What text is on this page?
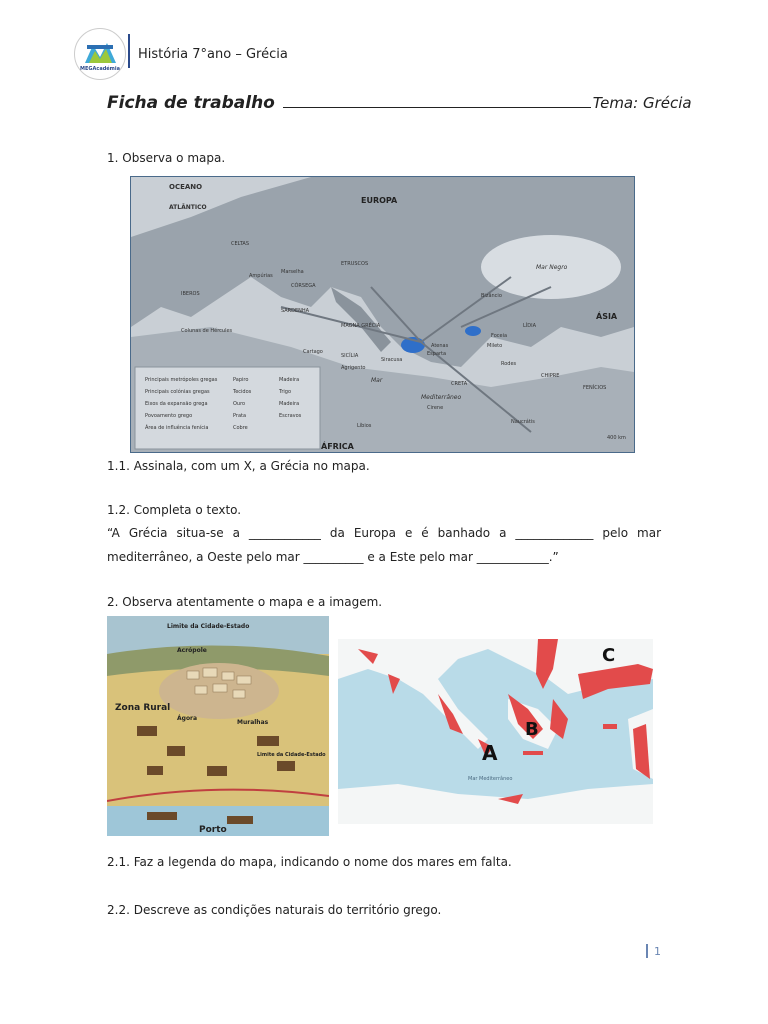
MEGAcadémia
História 7°ano – Grécia
Ficha de trabalho	Tema: Grécia
1. Observa o mapa.
Principais metrópoles gregas
Principais colónias gregas
Eixos da expansão grega
Povoamento grego
Área de influência fenícia
Papiro
Tecidos
Ouro
Prata
Cobre
Madeira
Trigo
Madeira
Escravos
OCEANO
ATLÂNTICO
EUROPA
ÁFRICA
ÁSIA
Mar Negro
Mar
Mediterrâneo
CELTAS
IBEROS
Colunas de Hércules
MAGNA GRÉCIA
SICÍLIA
ETRUSCOS
CÓRSEGA
SARDENHA
LÍDIA
CRETA
CHIPRE
FENÍCIOS
Líbios
Cirene
Naucrátis
Bizâncio
Esparta
Atenas	Mileto
Foceia
Rodes
Siracusa
Agrigento
Cartago
Marselha
Ampúrias
400 km
1.1. Assinala, com um X, a Grécia no mapa.
1.2. Completa o texto.
“A Grécia situa-se a ____________ da Europa e é banhado a _____________ pelo mar
mediterrâneo, a Oeste pelo mar __________ e a Este pelo mar ____________.”
2. Observa atentamente o mapa e a imagem.
Limite da Cidade-Estado
Acrópole
Zona Rural
Ágora
Muralhas
Limite da Cidade-Estado
Porto
C
B
A
Mar Mediterrâneo
2.1. Faz a legenda do mapa, indicando o nome dos mares em falta.
2.2. Descreve as condições naturais do território grego.
1
